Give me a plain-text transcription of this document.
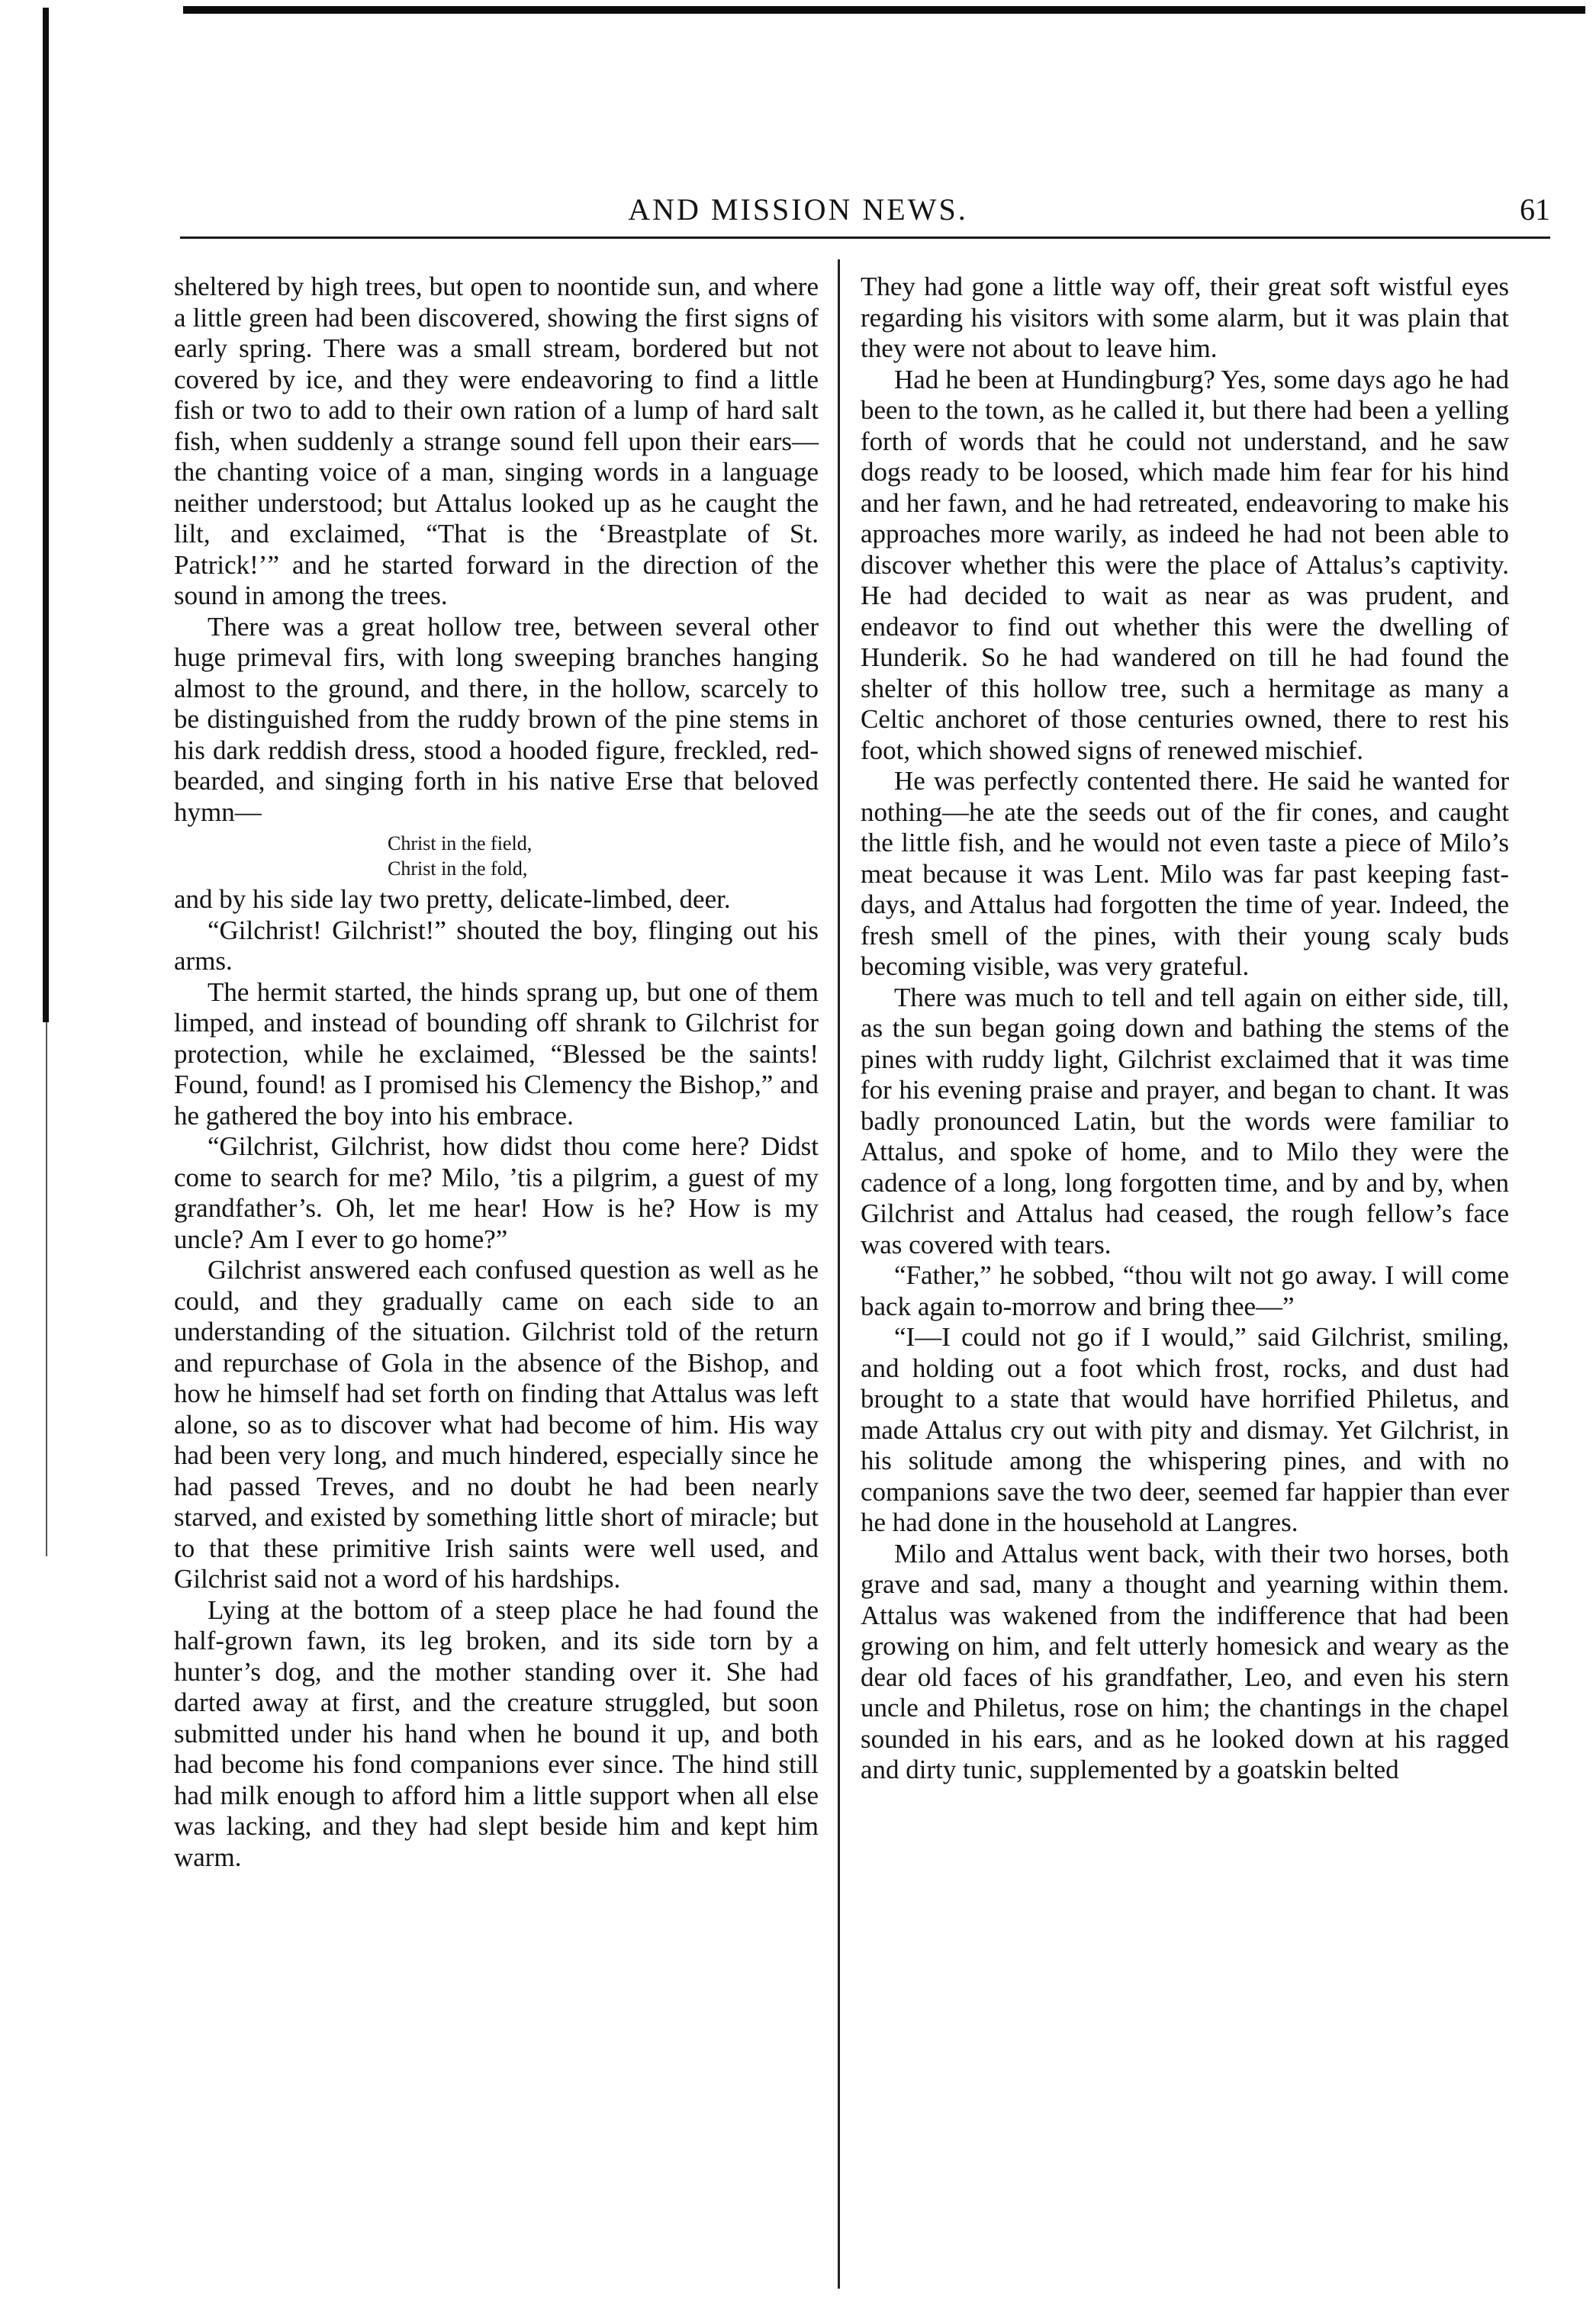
AND MISSION NEWS.	61

sheltered by high trees, but open to noontide sun, and where a little green had been discovered, showing the first signs of early spring. There was a small stream, bordered but not covered by ice, and they were endeavoring to find a little fish or two to add to their own ration of a lump of hard salt fish, when suddenly a strange sound fell upon their ears—the chanting voice of a man, singing words in a language neither understood; but Attalus looked up as he caught the lilt, and exclaimed, “That is the ‘Breastplate of St. Patrick!’” and he started forward in the direction of the sound in among the trees.

There was a great hollow tree, between several other huge primeval firs, with long sweeping branches hanging almost to the ground, and there, in the hollow, scarcely to be distinguished from the ruddy brown of the pine stems in his dark reddish dress, stood a hooded figure, freckled, red-bearded, and singing forth in his native Erse that beloved hymn—

Christ in the field,
Christ in the fold,

and by his side lay two pretty, delicate-limbed, deer.

“Gilchrist! Gilchrist!” shouted the boy, flinging out his arms.

The hermit started, the hinds sprang up, but one of them limped, and instead of bounding off shrank to Gilchrist for protection, while he exclaimed, “Blessed be the saints! Found, found! as I promised his Clemency the Bishop,” and he gathered the boy into his embrace.

“Gilchrist, Gilchrist, how didst thou come here? Didst come to search for me? Milo, ’tis a pilgrim, a guest of my grandfather’s. Oh, let me hear! How is he? How is my uncle? Am I ever to go home?”

Gilchrist answered each confused question as well as he could, and they gradually came on each side to an understanding of the situation. Gilchrist told of the return and repurchase of Gola in the absence of the Bishop, and how he himself had set forth on finding that Attalus was left alone, so as to discover what had become of him. His way had been very long, and much hindered, especially since he had passed Treves, and no doubt he had been nearly starved, and existed by something little short of miracle; but to that these primitive Irish saints were well used, and Gilchrist said not a word of his hardships.

Lying at the bottom of a steep place he had found the half-grown fawn, its leg broken, and its side torn by a hunter’s dog, and the mother standing over it. She had darted away at first, and the creature struggled, but soon submitted under his hand when he bound it up, and both had become his fond companions ever since. The hind still had milk enough to afford him a little support when all else was lacking, and they had slept beside him and kept him warm.

They had gone a little way off, their great soft wistful eyes regarding his visitors with some alarm, but it was plain that they were not about to leave him.

Had he been at Hundingburg? Yes, some days ago he had been to the town, as he called it, but there had been a yelling forth of words that he could not understand, and he saw dogs ready to be loosed, which made him fear for his hind and her fawn, and he had retreated, endeavoring to make his approaches more warily, as indeed he had not been able to discover whether this were the place of Attalus’s captivity. He had decided to wait as near as was prudent, and endeavor to find out whether this were the dwelling of Hunderik. So he had wandered on till he had found the shelter of this hollow tree, such a hermitage as many a Celtic anchoret of those centuries owned, there to rest his foot, which showed signs of renewed mischief.

He was perfectly contented there. He said he wanted for nothing—he ate the seeds out of the fir cones, and caught the little fish, and he would not even taste a piece of Milo’s meat because it was Lent. Milo was far past keeping fast-days, and Attalus had forgotten the time of year. Indeed, the fresh smell of the pines, with their young scaly buds becoming visible, was very grateful.

There was much to tell and tell again on either side, till, as the sun began going down and bathing the stems of the pines with ruddy light, Gilchrist exclaimed that it was time for his evening praise and prayer, and began to chant. It was badly pronounced Latin, but the words were familiar to Attalus, and spoke of home, and to Milo they were the cadence of a long, long forgotten time, and by and by, when Gilchrist and Attalus had ceased, the rough fellow’s face was covered with tears.

“Father,” he sobbed, “thou wilt not go away. I will come back again to-morrow and bring thee—”

“I—I could not go if I would,” said Gilchrist, smiling, and holding out a foot which frost, rocks, and dust had brought to a state that would have horrified Philetus, and made Attalus cry out with pity and dismay. Yet Gilchrist, in his solitude among the whispering pines, and with no companions save the two deer, seemed far happier than ever he had done in the household at Langres.

Milo and Attalus went back, with their two horses, both grave and sad, many a thought and yearning within them. Attalus was wakened from the indifference that had been growing on him, and felt utterly homesick and weary as the dear old faces of his grandfather, Leo, and even his stern uncle and Philetus, rose on him; the chantings in the chapel sounded in his ears, and as he looked down at his ragged and dirty tunic, supplemented by a goatskin belted
